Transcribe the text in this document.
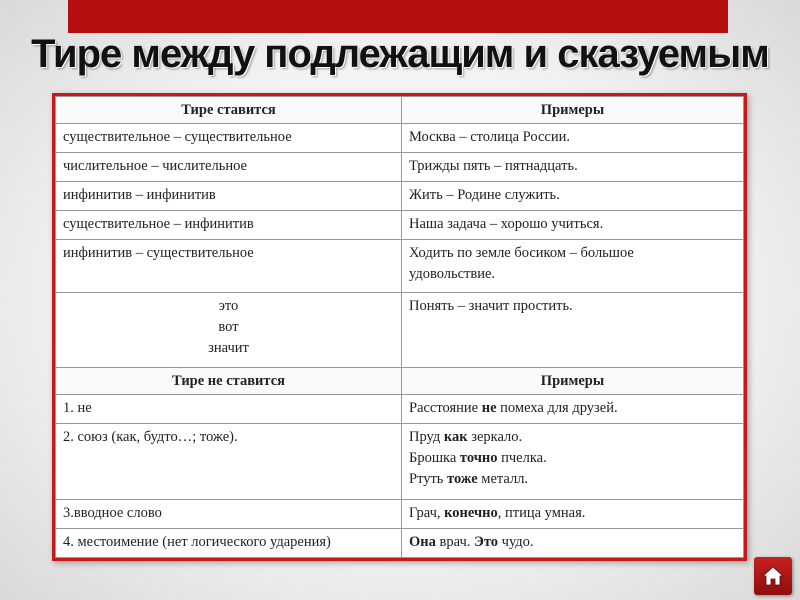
Тире между подлежащим и сказуемым
Тире ставится	Примеры
существительное – существительное	Москва – столица России.
числительное – числительное	Трижды пять – пятнадцать.
инфинитив – инфинитив	Жить – Родине служить.
существительное – инфинитив	Наша задача – хорошо учиться.
инфинитив – существительное	Ходить по земле босиком – большое
удовольствие.

это
вот
значит	Понять – значит простить.
Тире не ставится	Примеры
1. не	Расстояние не помеха для друзей.
2. союз (как, будто…; тоже).	Пруд как зеркало.
Брошка точно пчелка.
Ртуть тоже металл.

3.вводное слово	Грач, конечно, птица умная.
4. местоимение (нет логического ударения)	Она врач. Это чудо.
